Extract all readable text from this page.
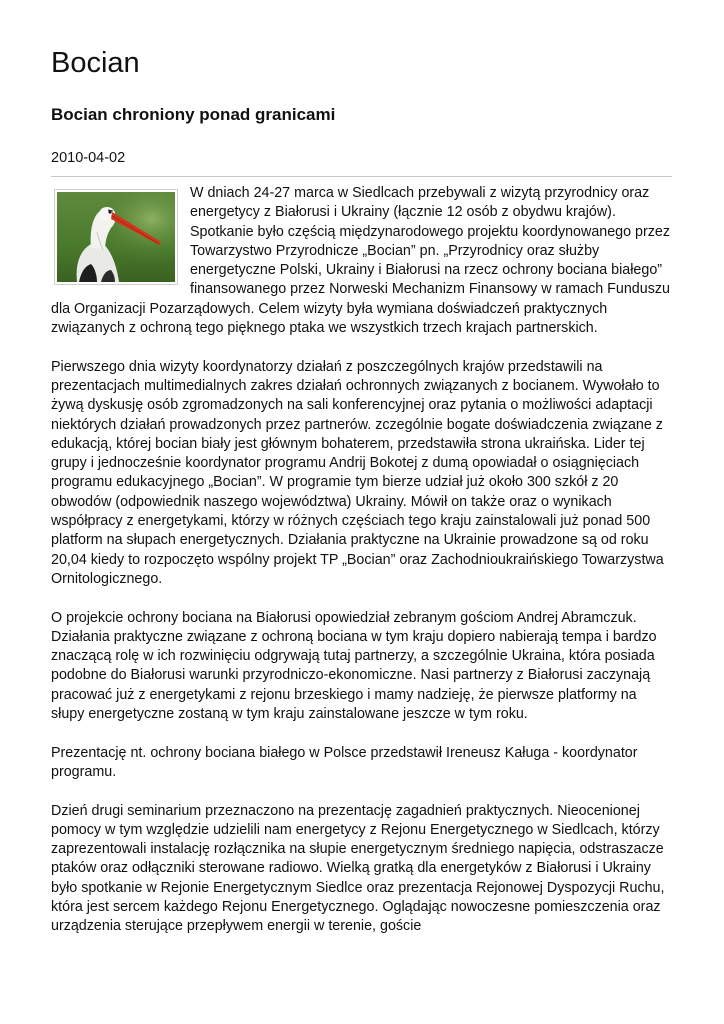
Bocian
Bocian chroniony ponad granicami
2010-04-02

W dniach 24-27 marca w Siedlcach przebywali z wizytą przyrodnicy oraz energetycy z Białorusi i Ukrainy (łącznie 12 osób z obydwu krajów). Spotkanie było częścią międzynarodowego projektu koordynowanego przez Towarzystwo Przyrodnicze „Bocian” pn. „Przyrodnicy oraz służby energetyczne Polski, Ukrainy i Białorusi na rzecz ochrony bociana białego” finansowanego przez Norweski Mechanizm Finansowy w ramach Funduszu dla Organizacji Pozarządowych. Celem wizyty była wymiana doświadczeń praktycznych związanych z ochroną tego pięknego ptaka we wszystkich trzech krajach partnerskich.

Pierwszego dnia wizyty koordynatorzy działań z poszczególnych krajów przedstawili na prezentacjach multimedialnych zakres działań ochronnych związanych z bocianem. Wywołało to żywą dyskusję osób zgromadzonych na sali konferencyjnej oraz pytania o możliwości adaptacji niektórych działań prowadzonych przez partnerów. zczególnie bogate doświadczenia związane z edukacją, której bocian biały jest głównym bohaterem, przedstawiła strona ukraińska. Lider tej grupy i jednocześnie koordynator programu Andrij Bokotej z dumą opowiadał o osiągnięciach programu edukacyjnego „Bocian”. W programie tym bierze udział już około 300 szkół z 20 obwodów (odpowiednik naszego województwa) Ukrainy. Mówił on także oraz o wynikach współpracy z energetykami, którzy w różnych częściach tego kraju zainstalowali już ponad 500 platform na słupach energetycznych. Działania praktyczne na Ukrainie prowadzone są od roku 20,04 kiedy to rozpoczęto wspólny projekt TP „Bocian” oraz Zachodnioukraińskiego Towarzystwa Ornitologicznego.

O projekcie ochrony bociana na Białorusi opowiedział zebranym gościom Andrej Abramczuk. Działania praktyczne związane z ochroną bociana w tym kraju dopiero nabierają tempa i bardzo znaczącą rolę w ich rozwinięciu odgrywają tutaj partnerzy, a szczególnie Ukraina, która posiada podobne do Białorusi warunki przyrodniczo-ekonomiczne. Nasi partnerzy z Białorusi zaczynają pracować już z energetykami z rejonu brzeskiego i mamy nadzieję, że pierwsze platformy na słupy energetyczne zostaną w tym kraju zainstalowane jeszcze w tym roku.

Prezentację nt. ochrony bociana białego w Polsce przedstawił Ireneusz Kaługa - koordynator programu.

Dzień drugi seminarium przeznaczono na prezentację zagadnień praktycznych. Nieocenionej pomocy w tym względzie udzielili nam energetycy z Rejonu Energetycznego w Siedlcach, którzy zaprezentowali instalację rozłącznika na słupie energetycznym średniego napięcia, odstraszacze ptaków oraz odłączniki sterowane radiowo. Wielką gratką dla energetyków z Białorusi i Ukrainy było spotkanie w Rejonie Energetycznym Siedlce oraz prezentacja Rejonowej Dyspozycji Ruchu, która jest sercem każdego Rejonu Energetycznego. Oglądając nowoczesne pomieszczenia oraz urządzenia sterujące przepływem energii w terenie, goście
